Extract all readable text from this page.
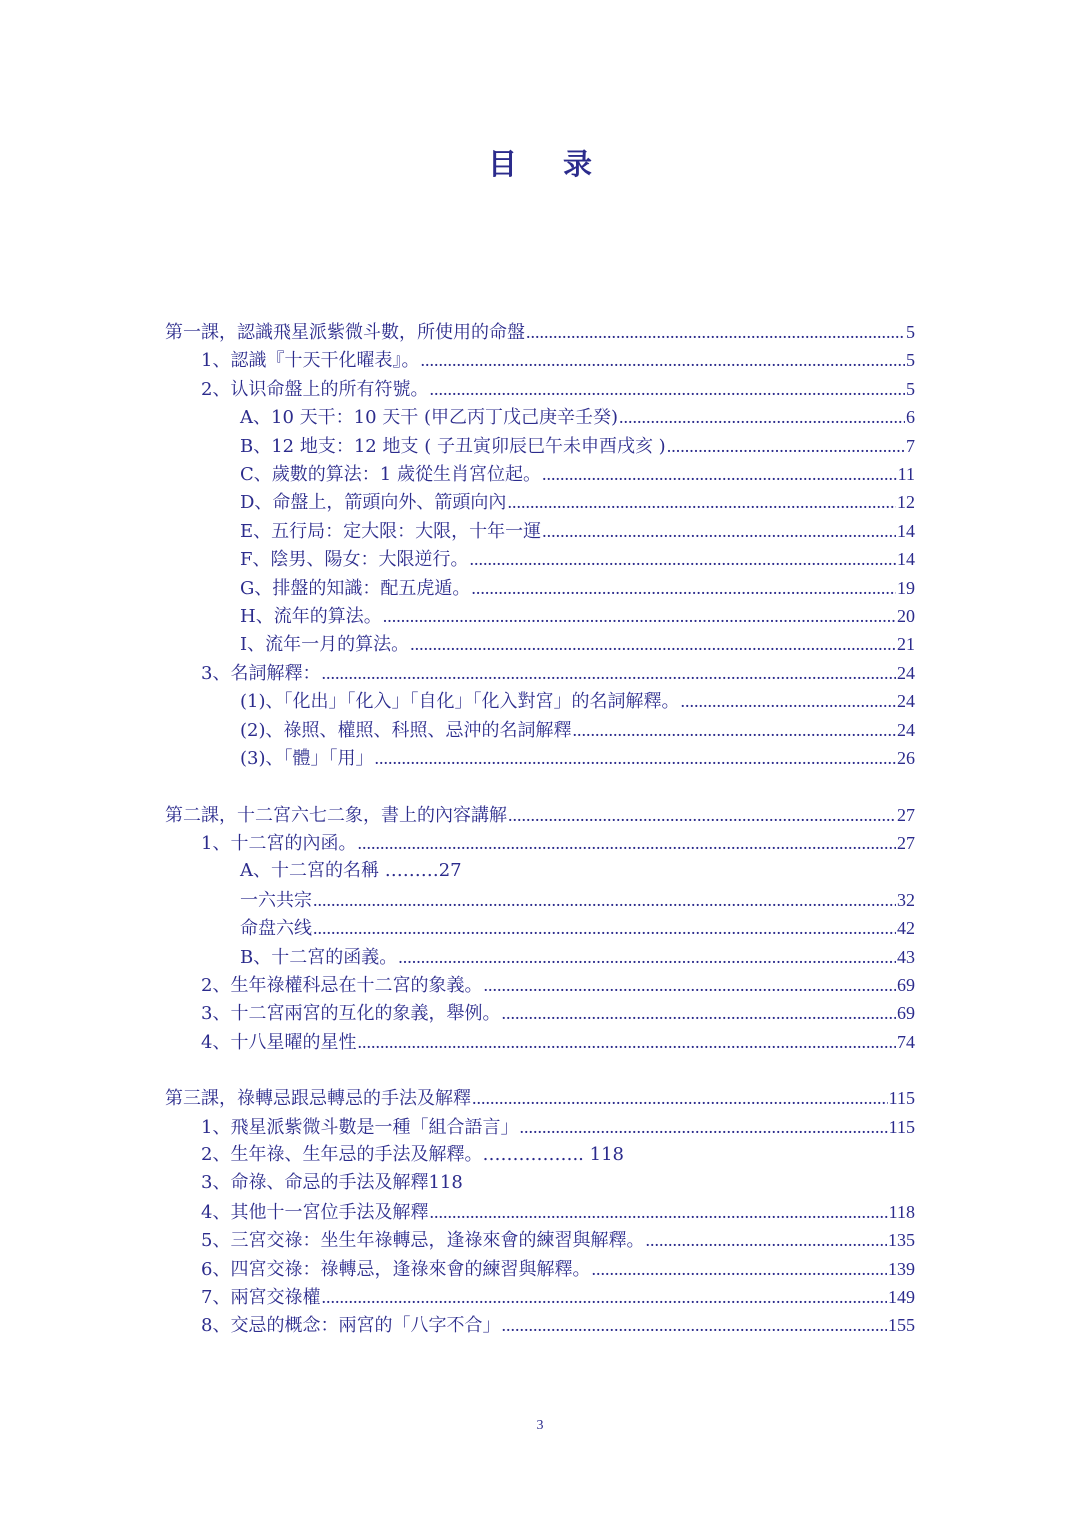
目录
第一課，認識飛星派紫微斗數，所使用的命盤 .....	5
1、認識『十天干化曜表』。 .....	5
2、认识命盤上的所有符號。 .....	5
A、10 天干：10 天干 (甲乙丙丁戊己庚辛壬癸) .....	6
B、12 地支：12 地支 ( 子丑寅卯辰巳午未申酉戌亥 ) .....	7
C、歲數的算法：1 歲從生肖宮位起。 .....	11
D、命盤上，箭頭向外、箭頭向內 .....	12
E、五行局：定大限：大限，十年一運 .....	14
F、陰男、陽女：大限逆行。 .....	14
G、排盤的知識：配五虎遁。 .....	19
H、流年的算法。 .....	20
I、流年一月的算法。 .....	21
3、名詞解釋： .....	24
(1)、「化出」「化入」「自化」「化入對宮」的名詞解釋。 .....	24
(2)、祿照、權照、科照、忌沖的名詞解釋 .....	24
(3)、「體」「用」 .....	26
第二課，十二宮六七二象，書上的內容講解 .....	27
1、十二宮的內函。 .....	27
A、十二宮的名稱 ………27
一六共宗 .....	32
命盘六线 .....	42
B、十二宮的函義。 .....	43
2、生年祿權科忌在十二宮的象義。 .....	69
3、十二宮兩宮的互化的象義，舉例。 .....	69
4、十八星曜的星性 .....	74
第三課，祿轉忌跟忌轉忌的手法及解釋 .....	115
1、飛星派紫微斗數是一種「組合語言」 .....	115
2、生年祿、生年忌的手法及解釋。…………….. 118
3、命祿、命忌的手法及解釋118
4、其他十一宮位手法及解釋 .....	118
5、三宮交祿：坐生年祿轉忌，逢祿來會的練習與解釋。 .....	135
6、四宮交祿：祿轉忌，逢祿來會的練習與解釋。 .....	139
7、兩宮交祿權 .....	149
8、交忌的概念：兩宮的「八字不合」 .....	155
3
